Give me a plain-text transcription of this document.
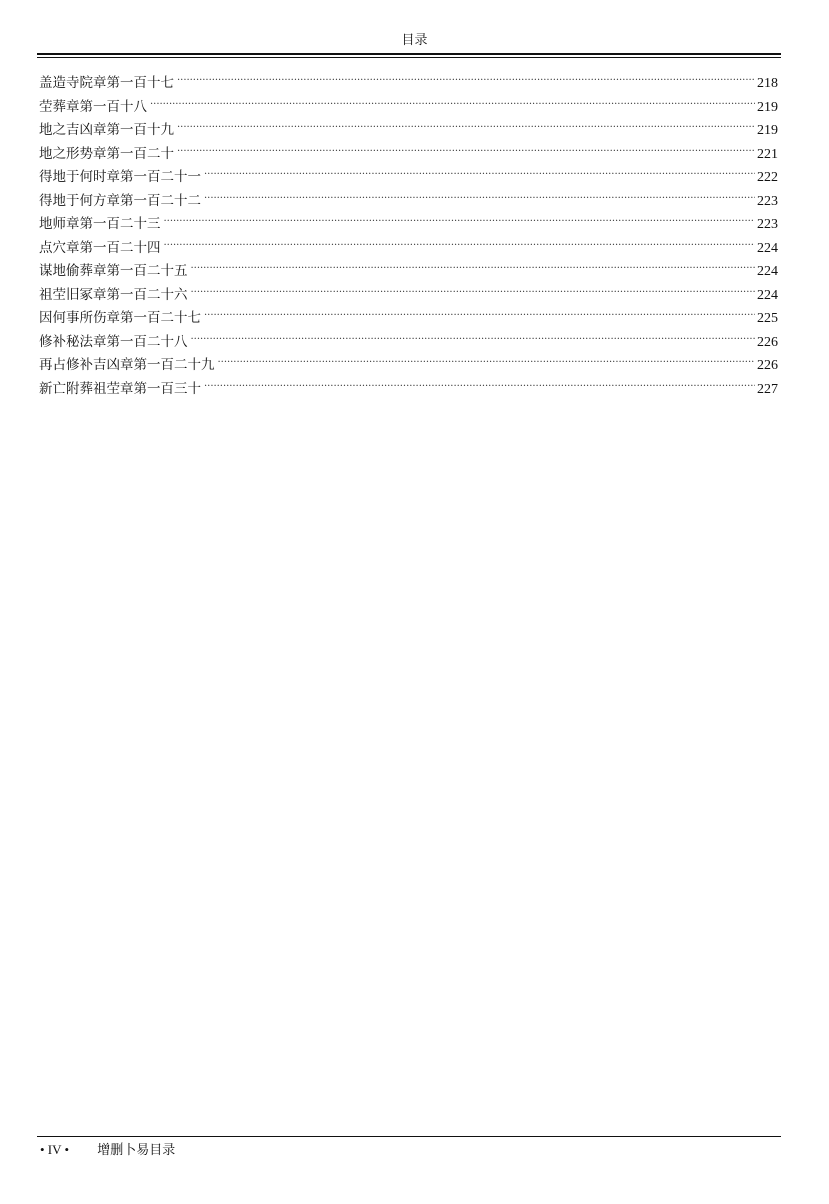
目录
盖造寺院章第一百十七 . . .	218
茔葬章第一百十八 . . .	219
地之吉凶章第一百十九 . . .	219
地之形势章第一百二十 . . .	221
得地于何时章第一百二十一 . . .	222
得地于何方章第一百二十二 . . .	223
地师章第一百二十三 . . .	223
点穴章第一百二十四 . . .	224
谋地偷葬章第一百二十五 . . .	224
祖茔旧冢章第一百二十六 . . .	224
因何事所伤章第一百二十七 . . .	225
修补秘法章第一百二十八 . . .	226
再占修补吉凶章第一百二十九 . . .	226
新亡附葬祖茔章第一百三十 . . .	227
• IV • 增删卜易目录
